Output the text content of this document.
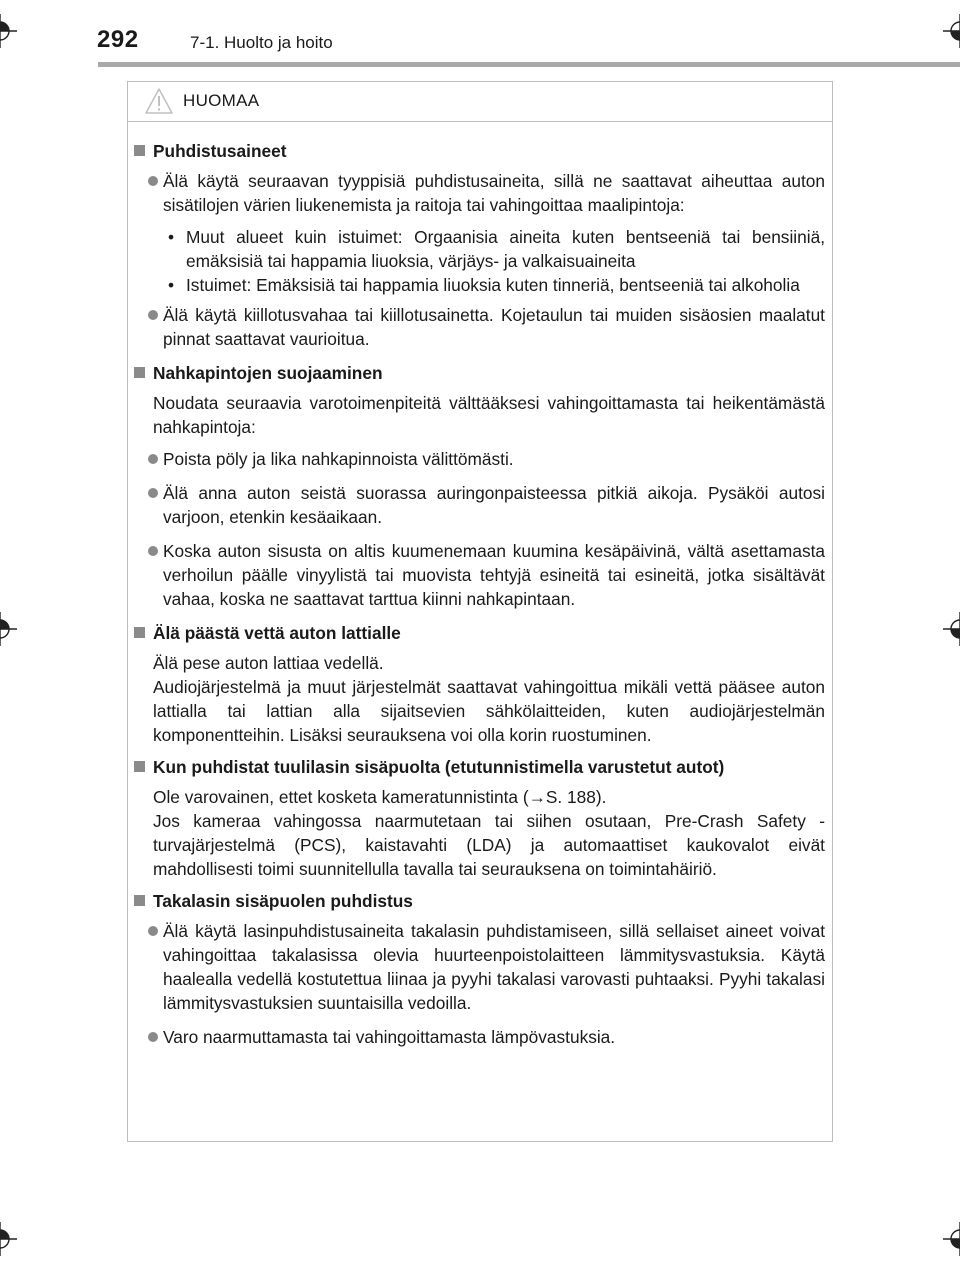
292	7-1. Huolto ja hoito
HUOMAA
Puhdistusaineet
Älä käytä seuraavan tyyppisiä puhdistusaineita, sillä ne saattavat aiheuttaa auton sisätilojen värien liukenemista ja raitoja tai vahingoittaa maalipintoja:
• Muut alueet kuin istuimet: Orgaanisia aineita kuten bentseeniä tai bensiiniä, emäksisiä tai happamia liuoksia, värjäys- ja valkaisuaineita
• Istuimet: Emäksisiä tai happamia liuoksia kuten tinneriä, bentseeniä tai alkoholia
Älä käytä kiillotusvahaa tai kiillotusainetta. Kojetaulun tai muiden sisäosien maalatut pinnat saattavat vaurioitua.
Nahkapintojen suojaaminen
Noudata seuraavia varotoimenpiteitä välttääksesi vahingoittamasta tai heikentämästä nahkapintoja:
Poista pöly ja lika nahkapinnoista välittömästi.
Älä anna auton seistä suorassa auringonpaisteessa pitkiä aikoja. Pysäköi autosi varjoon, etenkin kesäaikaan.
Koska auton sisusta on altis kuumenemaan kuumina kesäpäivinä, vältä asettamasta verhoilun päälle vinyylistä tai muovista tehtyjä esineitä tai esineitä, jotka sisältävät vahaa, koska ne saattavat tarttua kiinni nahkapintaan.
Älä päästä vettä auton lattialle
Älä pese auton lattiaa vedellä.
Audiojärjestelmä ja muut järjestelmät saattavat vahingoittua mikäli vettä pääsee auton lattialla tai lattian alla sijaitsevien sähkölaitteiden, kuten audiojärjestelmän komponentteihin. Lisäksi seurauksena voi olla korin ruostuminen.
Kun puhdistat tuulilasin sisäpuolta (etutunnistimella varustetut autot)
Ole varovainen, ettet kosketa kameratunnistinta (→S. 188).
Jos kameraa vahingossa naarmutetaan tai siihen osutaan, Pre-Crash Safety -turvajärjestelmä (PCS), kaistavahti (LDA) ja automaattiset kaukovalot eivät mahdollisesti toimi suunnitellulla tavalla tai seurauksena on toimintahäiriö.
Takalasin sisäpuolen puhdistus
Älä käytä lasinpuhdistusaineita takalasin puhdistamiseen, sillä sellaiset aineet voivat vahingoittaa takalasissa olevia huurteenpoistolaitteen lämmitysvastuksia. Käytä haalealla vedellä kostutettua liinaa ja pyyhi takalasi varovasti puhtaaksi. Pyyhi takalasi lämmitysvastuksien suuntaisilla vedoilla.
Varo naarmuttamasta tai vahingoittamasta lämpövastuksia.
